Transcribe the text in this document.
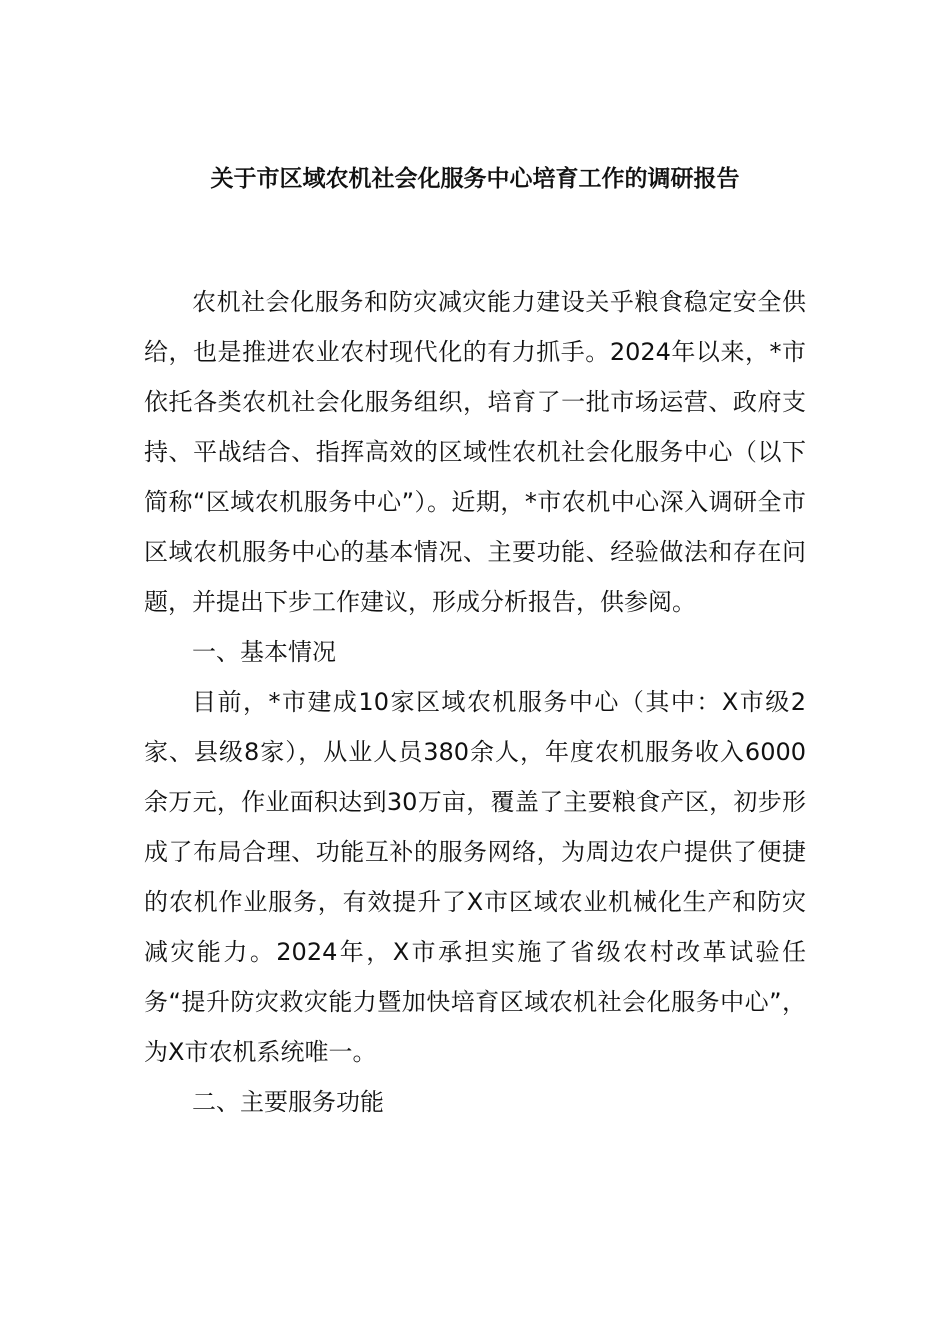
关于市区域农机社会化服务中心培育工作的调研报告

农机社会化服务和防灾减灾能力建设关乎粮食稳定安全供给，也是推进农业农村现代化的有力抓手。2024年以来，*市依托各类农机社会化服务组织，培育了一批市场运营、政府支持、平战结合、指挥高效的区域性农机社会化服务中心（以下简称“区域农机服务中心”）。近期，*市农机中心深入调研全市区域农机服务中心的基本情况、主要功能、经验做法和存在问题，并提出下步工作建议，形成分析报告，供参阅。

一、基本情况

目前，*市建成10家区域农机服务中心（其中：X市级2家、县级8家），从业人员380余人，年度农机服务收入6000余万元，作业面积达到30万亩，覆盖了主要粮食产区，初步形成了布局合理、功能互补的服务网络，为周边农户提供了便捷的农机作业服务，有效提升了X市区域农业机械化生产和防灾减灾能力。2024年，X市承担实施了省级农村改革试验任务“提升防灾救灾能力暨加快培育区域农机社会化服务中心”，为X市农机系统唯一。

二、主要服务功能
